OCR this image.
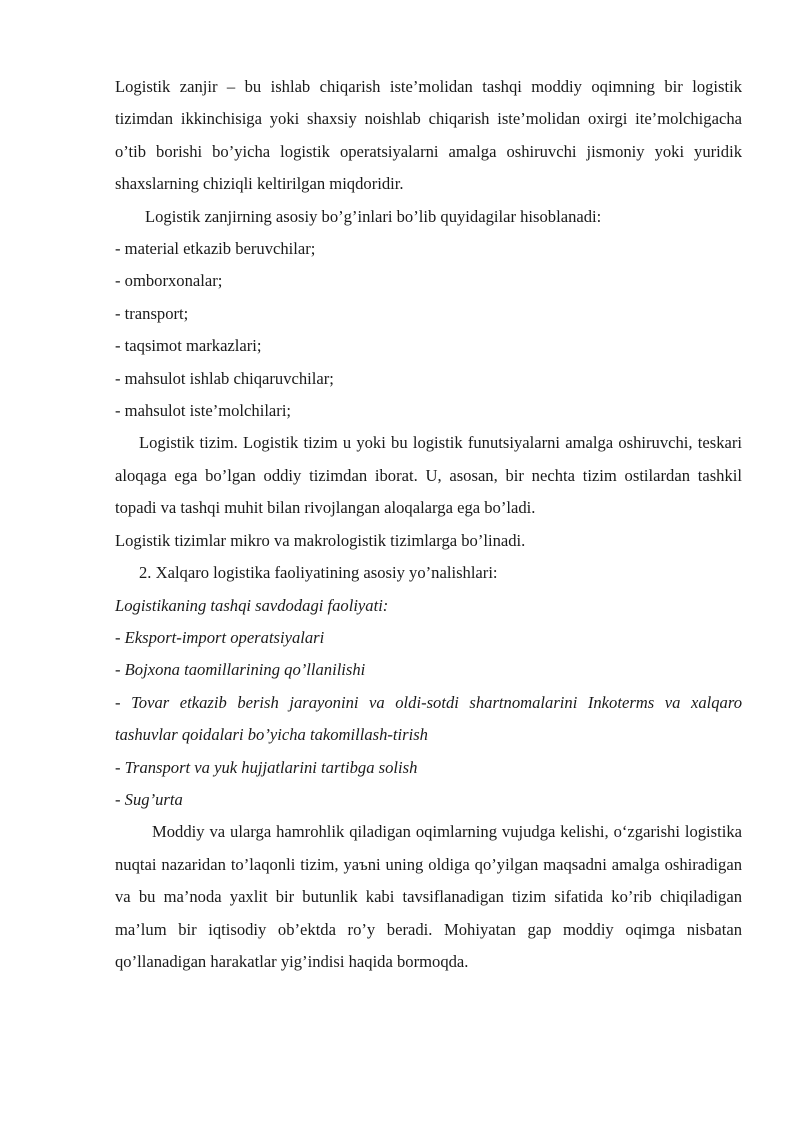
Logistik zanjir – bu ishlab chiqarish iste’molidan tashqi moddiy oqimning bir logistik tizimdan ikkinchisiga yoki shaxsiy noishlab chiqarish iste’molidan oxirgi ite’molchigacha o’tib borishi bo’yicha logistik operatsiyalarni amalga oshiruvchi jismoniy yoki yuridik shaxslarning chiziqli keltirilgan miqdoridir.

Logistik zanjirning asosiy bo’g’inlari bo’lib quyidagilar hisoblanadi:

- material etkazib beruvchilar;

- omborxonalar;

- transport;

- taqsimot markazlari;

- mahsulot ishlab chiqaruvchilar;

- mahsulot iste’molchilari;

Logistik tizim. Logistik tizim u yoki bu logistik funutsiyalarni amalga oshiruvchi, teskari aloqaga ega bo’lgan oddiy tizimdan iborat. U, asosan, bir nechta tizim ostilardan tashkil topadi va tashqi muhit bilan rivojlangan aloqalarga ega bo’ladi.

Logistik tizimlar mikro va makrologistik tizimlarga bo’linadi.

2. Xalqaro logistika faoliyatining asosiy yo’nalishlari:

Logistikaning tashqi savdodagi faoliyati:

- Eksport-import operatsiyalari

- Bojxona taomillarining qo’llanilishi

- Tovar etkazib berish jarayonini va oldi-sotdi shartnomalarini Inkoterms va xalqaro tashuvlar qoidalari bo’yicha takomillash-tirish

- Transport va yuk hujjatlarini tartibga solish

- Sug’urta

Moddiy va ularga hamrohlik qiladigan oqimlarning vujudga kelishi, o‘zgarishi logistika nuqtai nazaridan to’laqonli tizim, yaъni uning oldiga qo’yilgan maqsadni amalga oshiradigan va bu ma’noda yaxlit bir butunlik kabi tavsiflanadigan tizim sifatida ko’rib chiqiladigan ma’lum bir iqtisodiy ob’ektda ro’y beradi. Mohiyatan gap moddiy oqimga nisbatan qo’llanadigan harakatlar yig’indisi haqida bormoqda.
